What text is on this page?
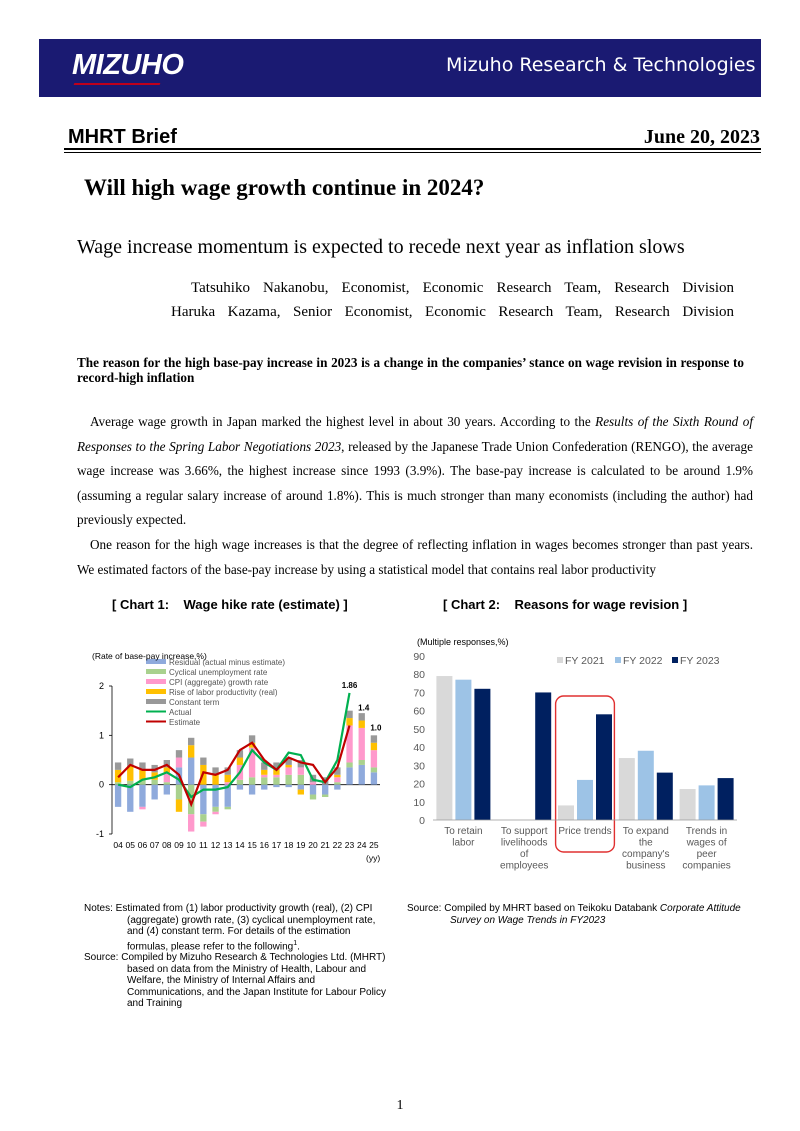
MIZUHO	Mizuho Research & Technologies
MHRT Brief	June 20, 2023
Will high wage growth continue in 2024?
Wage increase momentum is expected to recede next year as inflation slows
Tatsuhiko Nakanobu, Economist, Economic Research Team, Research Division
Haruka Kazama, Senior Economist, Economic Research Team, Research Division
The reason for the high base-pay increase in 2023 is a change in the companies’ stance on wage revision in response to record-high inflation
Average wage growth in Japan marked the highest level in about 30 years. According to the Results of the Sixth Round of Responses to the Spring Labor Negotiations 2023, released by the Japanese Trade Union Confederation (RENGO), the average wage increase was 3.66%, the highest increase since 1993 (3.9%). The base-pay increase is calculated to be around 1.9% (assuming a regular salary increase of around 1.8%). This is much stronger than many economists (including the author) had previously expected.
One reason for the high wage increases is that the degree of reflecting inflation in wages becomes stronger than past years. We estimated factors of the base-pay increase by using a statistical model that contains real labor productivity
[ Chart 1:    Wage hike rate (estimate) ]	[ Chart 2:    Reasons for wage revision ]
1.86
1.4
1.0
-1
0
1
2
04 05 06 07 08 09 10 11 12 13 14 15 16 17 18 19 20 21 22 23 24 25
Residual (actual minus estimate)
Cyclical unemployment rate
CPI (aggregate) growth rate
Rise of labor productivity (real)
Constant term
Actual
Estimate
(Rate of base-pay increase,%)
(yy)
0
10
20
30
40
50
60
70
80
90
To retain
labor
To support
livelihoods
of
employees
Price trends To expand
the
company's
business
Trends in
wages of
peer
companies
FY 2021 FY 2022 FY 2023
(Multiple responses,%)
Notes: Estimated from (1) labor productivity growth (real), (2) CPI (aggregate) growth rate, (3) cyclical unemployment rate, and (4) constant term. For details of the estimation formulas, please refer to the following$^1$.
Source: Compiled by Mizuho Research & Technologies Ltd. (MHRT) based on data from the Ministry of Health, Labour and Welfare, the Ministry of Internal Affairs and Communications, and the Japan Institute for Labour Policy and Training
Source: Compiled by MHRT based on Teikoku Databank Corporate Attitude Survey on Wage Trends in FY2023
1
